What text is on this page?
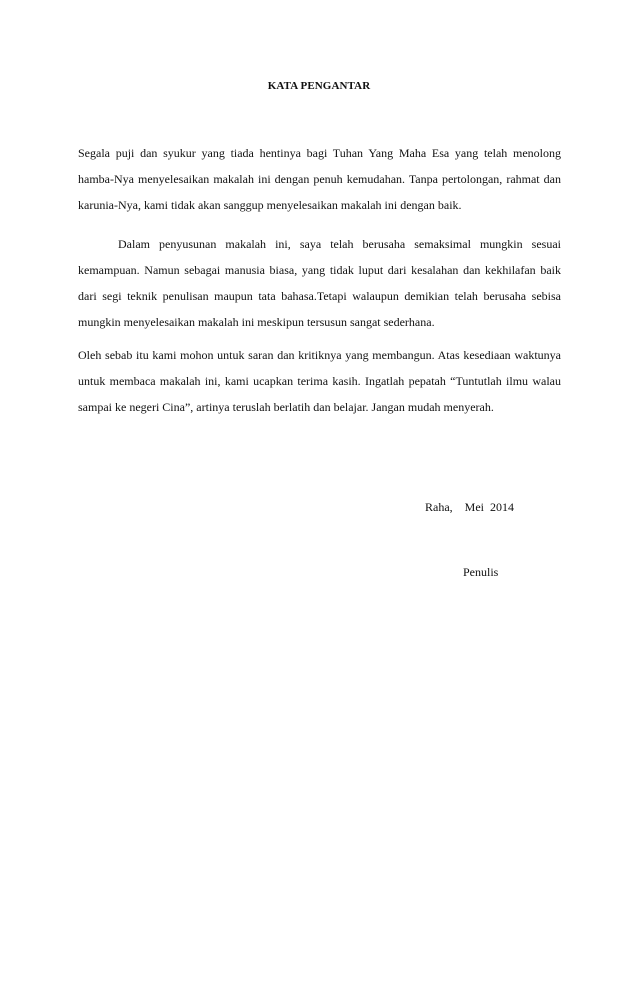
KATA PENGANTAR

Segala puji dan syukur yang tiada hentinya bagi Tuhan Yang Maha Esa yang telah menolong hamba-Nya menyelesaikan makalah ini dengan penuh kemudahan. Tanpa pertolongan, rahmat dan karunia-Nya, kami tidak akan sanggup menyelesaikan makalah ini dengan baik.

Dalam penyusunan makalah ini, saya telah berusaha semaksimal mungkin sesuai kemampuan. Namun sebagai manusia biasa, yang tidak luput dari kesalahan dan kekhilafan baik dari segi teknik penulisan maupun tata bahasa.Tetapi walaupun demikian telah berusaha sebisa mungkin menyelesaikan makalah ini meskipun tersusun sangat sederhana.

Oleh sebab itu kami mohon untuk saran dan kritiknya yang membangun. Atas kesediaan waktunya untuk membaca makalah ini, kami ucapkan terima kasih. Ingatlah pepatah “Tuntutlah ilmu walau sampai ke negeri Cina”, artinya teruslah berlatih dan belajar. Jangan mudah menyerah.

Raha,    Mei  2014
Penulis
